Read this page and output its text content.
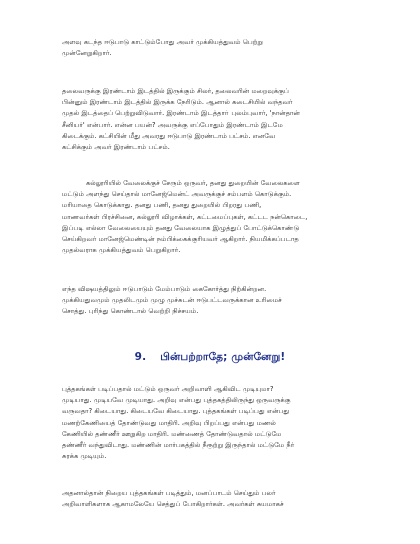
அளவு கடந்த ஈடுபாடு காட்டும்போது அவர் முக்கியத்துவம் பெற்று
முன்னேறுகிறார்.
தலைவருக்கு இரண்டாம் இடத்தில் இருக்கும் சிலர், தலைவரின் மறைவுக்குப்
பின்னும் இரண்டாம் இடத்தில் இருக்க நேரிடும். ஆனால் கடைசியில் வந்தவர்
முதல் இடத்தைப் பெற்றுவிடுவார். இரண்டாம் இடத்தாா் புலம்புவார், 'நான்தான்
சீனியர்' என்பார். என்ன பயன்? அவருக்கு எப்போதும் இரண்டாம் இடமே
கிடைக்கும். கட்சியின் மீது அவரது ஈடுபாடு இரண்டாம் பட்சம். எனவே
கட்சிக்கும் அவர் இரண்டாம் பட்சம்.
கல்லூரியில் வேலைக்குச் சேரும் ஒருவர், தனது துறையின் வேலைகளை
மட்டும் அளந்து செய்தால் மானேஜ்மென்ட் அவருக்குச் சம்பளம் கொடுக்கும்.
மரியாதை கொடுக்காது. தனது பணி, தனது துறையில் பிறரது பணி,
மாணவர்கள் பிரச்சினை, கல்லூரி விழாக்கள், கட்டமைப்புகள், கட்டட நன்கொடை,
இப்படி எல்லா வேலையையும் தனது வேலையாக இழுத்துப் போட்டுக்கொண்டு
செய்கிறவர் மானேஜ்மெண்டின் நம்பிக்கைக்குரியவர் ஆகிறார். நியமிக்கப்படாத
முதல்வராக முக்கியத்துவம் பெறுகிறார்.
எந்த விஷயத்திலும் ஈடுபாடும் மேம்பாடும் கைகோர்த்து நிற்கின்றன.
முக்கியதுவமும் முதலிடமும் முழு முச்சுடன் ஈடுபட்டவருக்கான உரிமைச்
சொத்து. புரிந்து கொண்டால் வெற்றி நிச்சயம்.
9. பின்பற்றாதே; முன்னேறு!
புத்தகங்கள் படிப்பதால் மட்டும் ஒருவர் அறிவாளி ஆகிவிட முடியுமா?
முடியாது. முடியவே முடியாது. அறிவு என்பது புத்தகத்திலிருந்து ஒருவருக்கு
வருவதா? கிடையாது. கிடையவே கிடையாது. புத்தகங்கள் படிப்பது என்பது
மணற்கேணியைத் தோண்டுவது மாதிரி. அறிவு பிறப்பது என்பது மணல்
கேணியில் தண்ணீர் ஊறுகிற மாதிரி. மண்ணைத் தோண்டுவதால் மட்டுமே
தண்ணீர் வந்துவிடாது. மண்ணின் மார்பகத்தில் நீரூற்று இருந்தால் மட்டுமே நீர்
சுரக்க முடியும்.
அதனால்தான் நிறைய புத்தகங்கள் படித்தும், மனப்பாடம் செய்தும் பலர்
அறிவாளிகளாக ஆகாமலேயே செத்துப் போகிறார்கள். அவர்கள் சுயமாகச்
